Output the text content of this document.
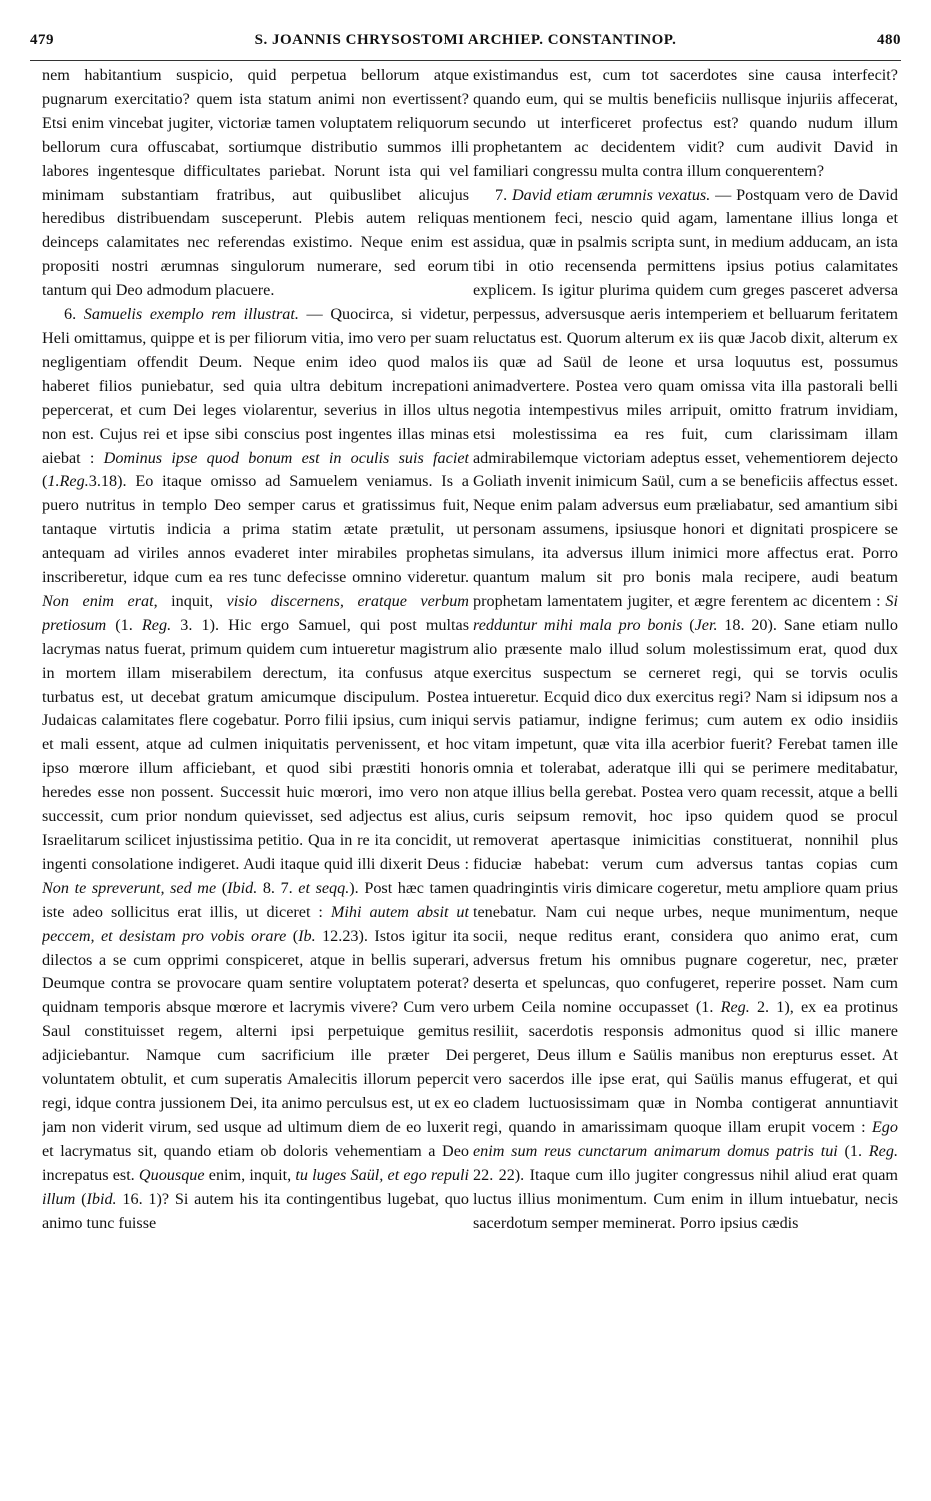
479	S. JOANNIS CHRYSOSTOMI ARCHIEP. CONSTANTINOP.	480

nem habitantium suspicio, quid perpetua bellorum atque pugnarum exercitatio? quem ista statum animi non evertissent? Etsi enim vincebat jugiter, victoriæ tamen voluptatem reliquorum bellorum cura offuscabat, sortiumque distributio summos illi labores ingentesque difficultates pariebat. Norunt ista qui vel minimam substantiam fratribus, aut quibuslibet alicujus heredibus distribuendam susceperunt. Plebis autem reliquas deinceps calamitates nec referendas existimo. Neque enim est propositi nostri ærumnas singulorum numerare, sed eorum tantum qui Deo admodum placuere.

6. Samuelis exemplo rem illustrat. — Quocirca, si videtur, Heli omittamus, quippe et is per filiorum vitia, imo vero per suam negligentiam offendit Deum. Neque enim ideo quod malos haberet filios puniebatur, sed quia ultra debitum increpationi pepercerat, et cum Dei leges violarentur, severius in illos ultus non est. Cujus rei et ipse sibi conscius post ingentes illas minas aiebat : Dominus ipse quod bonum est in oculis suis faciet (1.Reg.3.18). Eo itaque omisso ad Samuelem veniamus. Is a puero nutritus in templo Deo semper carus et gratissimus fuit, tantaque virtutis indicia a prima statim ætate prætulit, ut antequam ad viriles annos evaderet inter mirabiles prophetas inscriberetur, idque cum ea res tunc defecisse omnino videretur. Non enim erat, inquit, visio discernens, eratque verbum pretiosum (1. Reg. 3. 1). Hic ergo Samuel, qui post multas lacrymas natus fuerat, primum quidem cum intueretur magistrum in mortem illam miserabilem derectum, ita confusus atque turbatus est, ut decebat gratum amicumque discipulum. Postea Judaicas calamitates flere cogebatur. Porro filii ipsius, cum iniqui et mali essent, atque ad culmen iniquitatis pervenissent, et hoc ipso mœrore illum afficiebant, et quod sibi præstiti honoris heredes esse non possent. Successit huic mœrori, imo vero non successit, cum prior nondum quievisset, sed adjectus est alius, Israelitarum scilicet injustissima petitio. Qua in re ita concidit, ut ingenti consolatione indigeret. Audi itaque quid illi dixerit Deus : Non te spreverunt, sed me (Ibid. 8. 7. et seqq.). Post hæc tamen iste adeo sollicitus erat illis, ut diceret : Mihi autem absit ut peccem, et desistam pro vobis orare (Ib. 12.23). Istos igitur ita dilectos a se cum opprimi conspiceret, atque in bellis superari, Deumque contra se provocare quam sentire voluptatem poterat? quidnam temporis absque mœrore et lacrymis vivere? Cum vero Saul constituisset regem, alterni ipsi perpetuique gemitus adjiciebantur. Namque cum sacrificium ille præter Dei voluntatem obtulit, et cum superatis Amalecitis illorum pepercit regi, idque contra jussionem Dei, ita animo perculsus est, ut ex eo jam non viderit virum, sed usque ad ultimum diem de eo luxerit et lacrymatus sit, quando etiam ob doloris vehementiam a Deo increpatus est. Quousque enim, inquit, tu luges Saül, et ego repuli illum (Ibid. 16. 1)? Si autem his ita contingentibus lugebat, quo animo tunc fuisse

existimandus est, cum tot sacerdotes sine causa interfecit? quando eum, qui se multis beneficiis nullisque injuriis affecerat, secundo ut interficeret profectus est? quando nudum illum prophetantem ac decidentem vidit? cum audivit David in familiari congressu multa contra illum conquerentem?

7. David etiam ærumnis vexatus. — Postquam vero de David mentionem feci, nescio quid agam, lamentane illius longa et assidua, quæ in psalmis scripta sunt, in medium adducam, an ista tibi in otio recensenda permittens ipsius potius calamitates expliсem. Is igitur plurima quidem cum greges pasceret adversa perpessus, adversusque aeris intemperiem et belluarum feritatem reluctatus est. Quorum alterum ex iis quæ Jacob dixit, alterum ex iis quæ ad Saül de leone et ursa loquutus est, possumus animadvertere. Postea vero quam omissa vita illa pastorali belli negotia intempestivus miles arripuit, omitto fratrum invidiam, etsi molestissima ea res fuit, cum clarissimam illam admirabilemque victoriam adeptus esset, vehementiorem dejecto Goliath invenit inimicum Saül, cum a se beneficiis affectus esset. Neque enim palam adversus eum præliabatur, sed amantium sibi personam assumens, ipsiusque honori et dignitati prospicere se simulans, ita adversus illum inimici more affectus erat. Porro quantum malum sit pro bonis mala recipere, audi beatum prophetam lamentatem jugiter, et ægre ferentem ac dicentem : Si redduntur mihi mala pro bonis (Jer. 18. 20). Sane etiam nullo alio præsente malo illud solum molestissimum erat, quod dux exercitus suspectum se cerneret regi, qui se torvis oculis intueretur. Ecquid dico dux exercitus regi? Nam si idipsum nos a servis patiamur, indigne ferimus; cum autem ex odio insidiis vitam impetunt, quæ vita illa acerbior fuerit? Ferebat tamen ille omnia et tolerabat, aderatque illi qui se perimere meditabatur, atque illius bella gerebat. Postea vero quam recessit, atque a belli curis seipsum removit, hoc ipso quidem quod se procul removerat apertasque inimicitias constituerat, nonnihil plus fiduciæ habebat: verum cum adversus tantas copias cum quadringintis viris dimicare cogeretur, metu ampliore quam prius tenebatur. Nam cui neque urbes, neque munimentum, neque socii, neque reditus erant, considera quo animo erat, cum adversus fretum his omnibus pugnare cogeretur, nec, præter deserta et speluncas, quo confugeret, reperire posset. Nam cum urbem Ceila nomine occupasset (1. Reg. 2. 1), ex ea protinus resiliit, sacerdotis responsis admonitus quod si illic manere pergeret, Deus illum e Saülis manibus non erepturus esset. At vero sacerdos ille ipse erat, qui Saülis manus effugerat, et qui cladem luctuosissimam quæ in Nomba contigerat annuntiavit regi, quando in amarissimam quoque illam erupit vocem : Ego enim sum reus cunctarum animarum domus patris tui (1. Reg. 22. 22). Itaque cum illo jugiter congressus nihil aliud erat quam luctus illius monimentum. Cum enim in illum intuebatur, necis sacerdotum semper meminerat. Porro ipsius cædis
